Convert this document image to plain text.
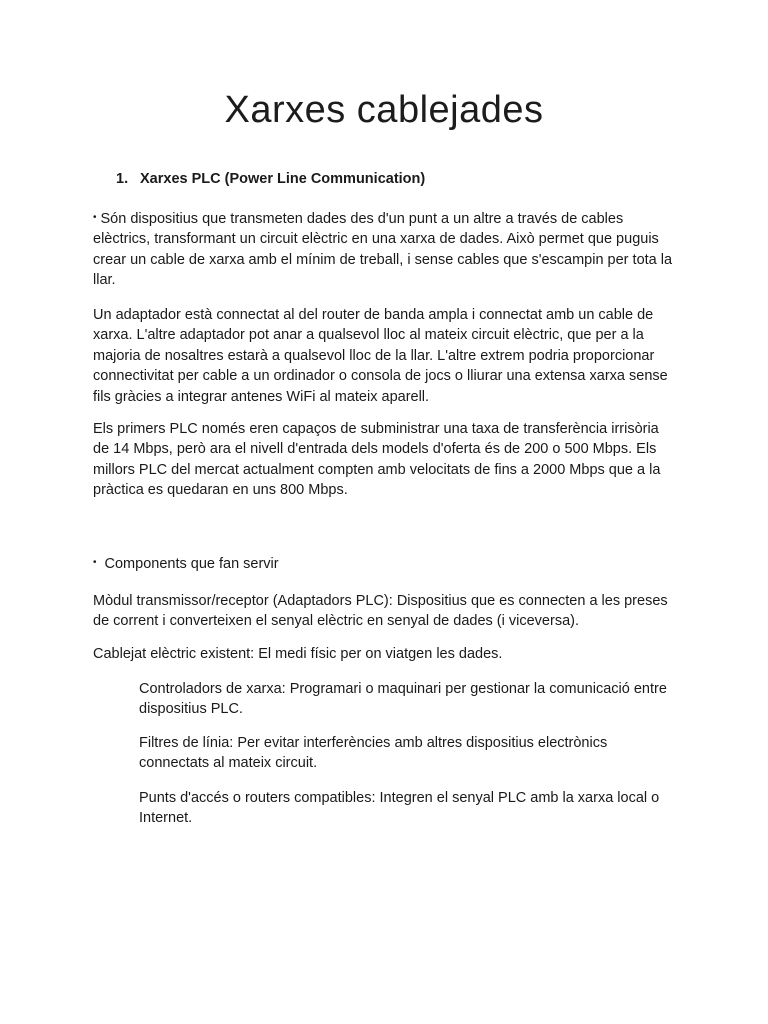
Xarxes cablejades

1. Xarxes PLC (Power Line Communication)

• Són dispositius que transmeten dades des d'un punt a un altre a través de cables elèctrics, transformant un circuit elèctric en una xarxa de dades. Això permet que puguis crear un cable de xarxa amb el mínim de treball, i sense cables que s'escampin per tota la llar.

Un adaptador està connectat al del router de banda ampla i connectat amb un cable de xarxa. L'altre adaptador pot anar a qualsevol lloc al mateix circuit elèctric, que per a la majoria de nosaltres estarà a qualsevol lloc de la llar. L'altre extrem podria proporcionar connectivitat per cable a un ordinador o consola de jocs o lliurar una extensa xarxa sense fils gràcies a integrar antenes WiFi al mateix aparell.

Els primers PLC només eren capaços de subministrar una taxa de transferència irrisòria de 14 Mbps, però ara el nivell d'entrada dels models d'oferta és de 200 o 500 Mbps. Els millors PLC del mercat actualment compten amb velocitats de fins a 2000 Mbps que a la pràctica es quedaran en uns 800 Mbps.

• Components que fan servir

Mòdul transmissor/receptor (Adaptadors PLC): Dispositius que es connecten a les preses de corrent i converteixen el senyal elèctric en senyal de dades (i viceversa).

Cablejat elèctric existent: El medi físic per on viatgen les dades.

Controladors de xarxa: Programari o maquinari per gestionar la comunicació entre dispositius PLC.

Filtres de línia: Per evitar interferències amb altres dispositius electrònics connectats al mateix circuit.

Punts d'accés o routers compatibles: Integren el senyal PLC amb la xarxa local o Internet.
